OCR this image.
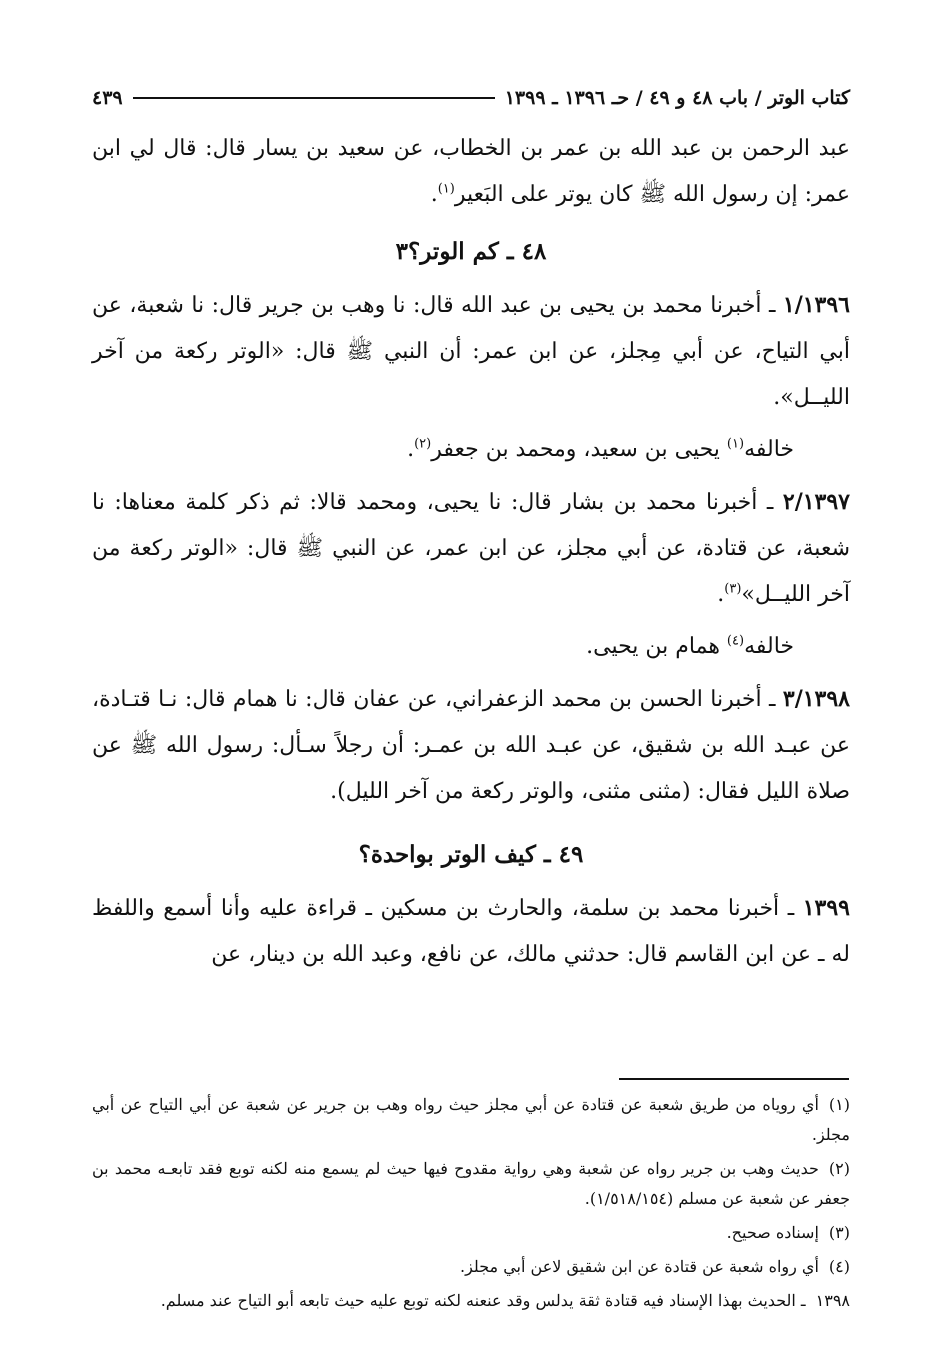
كتاب الوتر / باب ٤٨ و ٤٩ / حـ ١٣٩٦ ـ ١٣٩٩
٤٣٩

عبد الرحمن بن عبد الله بن عمر بن الخطاب، عن سعيد بن يسار قال: قال لي ابن عمر: إن رسول الله ﷺ كان يوتر على البَعير$^{(١)}$.

٤٨ ـ كم الوتر؟٣

١/١٣٩٦ ـ أخبرنا محمد بن يحيى بن عبد الله قال: نا وهب بن جرير قال: نا شعبة، عن أبي التياح، عن أبي مِجلز، عن ابن عمر: أن النبي ﷺ قال: «الوتر ركعة من آخر الليــل».

خالفه$^{(١)}$ يحيى بن سعيد، ومحمد بن جعفر$^{(٢)}$.

٢/١٣٩٧ ـ أخبرنا محمد بن بشار قال: نا يحيى، ومحمد قالا: ثم ذكر كلمة معناها: نا شعبة، عن قتادة، عن أبي مجلز، عن ابن عمر، عن النبي ﷺ قال: «الوتر ركعة من آخر الليــل»$^{(٣)}$.

خالفه$^{(٤)}$ همام بن يحيى.

٣/١٣٩٨ ـ أخبرنا الحسن بن محمد الزعفراني، عن عفان قال: نا همام قال: نـا قتـادة، عن عبـد الله بن شقيق، عن عبـد الله بن عمـر: أن رجلاً سـأل: رسول الله ﷺ عن صلاة الليل فقال: (مثنى مثنى، والوتر ركعة من آخر الليل).

٤٩ ـ كيف الوتر بواحدة؟

١٣٩٩ ـ أخبرنا محمد بن سلمة، والحارث بن مسكين ـ قراءة عليه وأنا أسمع واللفظ له ـ عن ابن القاسم قال: حدثني مالك، عن نافع، وعبد الله بن دينار، عن

(١)أي روياه من طريق شعبة عن قتادة عن أبي مجلز حيث رواه وهب بن جرير عن شعبة عن أبي التياح عن أبي مجلز.

(٢)حديث وهب بن جرير رواه عن شعبة وهي رواية مقدوح فيها حيث لم يسمع منه لكنه توبع فقد تابعـه محمد بن جعفر عن شعبة عن مسلم (١/٥١٨/١٥٤).

(٣)إسناده صحيح.

(٤)أي رواه شعبة عن قتادة عن ابن شقيق لاعن أبي مجلز.

١٣٩٨ـ الحديث بهذا الإسناد فيه قتادة ثقة يدلس وقد عنعنه لكنه توبع عليه حيث تابعه أبو التياح عند مسلم.
